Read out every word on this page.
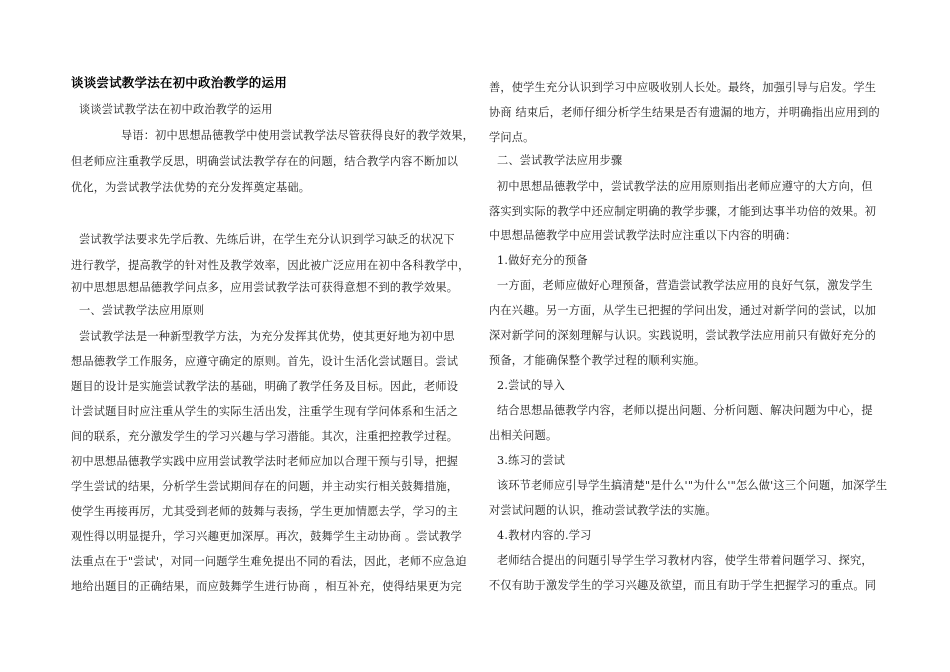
谈谈尝试教学法在初中政治教学的运用
谈谈尝试教学法在初中政治教学的运用
导语：初中思想品德教学中使用尝试教学法尽管获得良好的教学效果，
但老师应注重教学反思，明确尝试法教学存在的问题，结合教学内容不断加以
优化，为尝试教学法优势的充分发挥奠定基础。
尝试教学法要求先学后教、先练后讲，在学生充分认识到学习缺乏的状况下
进行教学，提高教学的针对性及教学效率，因此被广泛应用在初中各科教学中，
初中思想思想品德教学问点多，应用尝试教学法可获得意想不到的教学效果。
一、尝试教学法应用原则
尝试教学法是一种新型教学方法，为充分发挥其优势，使其更好地为初中思
想品德教学工作服务，应遵守确定的原则。首先，设计生活化尝试题目。尝试
题目的设计是实施尝试教学法的基础，明确了教学任务及目标。因此，老师设
计尝试题目时应注重从学生的实际生活出发，注重学生现有学问体系和生活之
间的联系，充分激发学生的学习兴趣与学习潜能。其次，注重把控教学过程。
初中思想品德教学实践中应用尝试教学法时老师应加以合理干预与引导，把握
学生尝试的结果，分析学生尝试期间存在的问题，并主动实行相关鼓舞措施，
使学生再接再厉，尤其受到老师的鼓舞与表扬，学生更加情愿去学，学习的主
观性得以明显提升，学习兴趣更加深厚。再次，鼓舞学生主动协商 。尝试教学
法重点在于"尝试'，对同一问题学生难免提出不同的看法，因此，老师不应急迫
地给出题目的正确结果，而应鼓舞学生进行协商 ，相互补充，使得结果更为完
善，使学生充分认识到学习中应吸收别人长处。最终，加强引导与启发。学生
协商 结束后，老师仔细分析学生结果是否有遗漏的地方，并明确指出应用到的
学问点。
二、尝试教学法应用步骤
初中思想品德教学中，尝试教学法的应用原则指出老师应遵守的大方向，但
落实到实际的教学中还应制定明确的教学步骤，才能到达事半功倍的效果。初
中思想品德教学中应用尝试教学法时应注重以下内容的明确：
1.做好充分的预备
一方面，老师应做好心理预备，营造尝试教学法应用的良好气氛，激发学生
内在兴趣。另一方面，从学生已把握的学问出发，通过对新学问的尝试，以加
深对新学问的深刻理解与认识。实践说明，尝试教学法应用前只有做好充分的
预备，才能确保整个教学过程的顺利实施。
2.尝试的导入
结合思想品德教学内容，老师以提出问题、分析问题、解决问题为中心，提
出相关问题。
3.练习的尝试
该环节老师应引导学生搞清楚"是什么'"为什么'"怎么做'这三个问题，加深学生
对尝试问题的认识，推动尝试教学法的实施。
4.教材内容的.学习
老师结合提出的问题引导学生学习教材内容，使学生带着问题学习、探究，
不仅有助于激发学生的学习兴趣及欲望，而且有助于学生把握学习的重点。同
